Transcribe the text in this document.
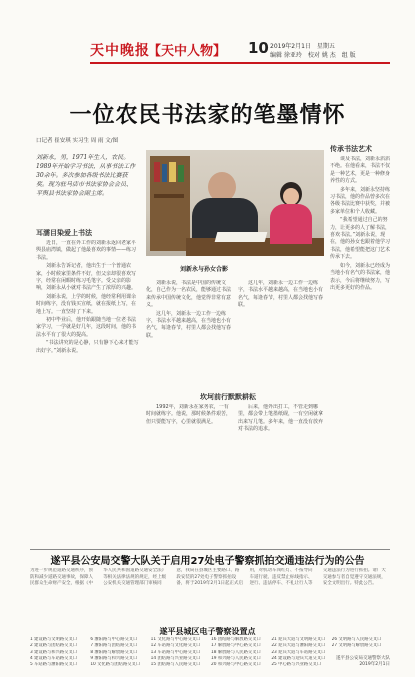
天中晚报
【天中人物】 10 2019年2月1日　星期五
编辑 徐亚玲　校对 姚 杰　组 版
一位农民书法家的笔墨情怀
刘新永，男，1971年生人，农民。1989年开始学习书法，从事书法工作30余年。多次参加各级书法比赛获奖。现为驻马店市书法家协会会员、平舆县书法家协会副主席。
口记者 崔安琪 实习生 周 雨 文/图
刘新永与孙女合影
耳濡目染爱上书法
传承书法艺术
坎坷前行默默耕耘

近日，一直在外工作的刘新永返回老家平舆县庙湾镇，做起了他最喜欢的事情——练习书法。

刘新永告诉记者，他出生于一个普通农家，小时候家里条件不好，但父亲却很喜欢写字，经常在闲暇时练习毛笔字。受父亲的影响，刘新永从小就对书法产生了浓厚的兴趣。

刘新永说，上学的时候，他经常利用课余时间练字，没有钱买宣纸，就在报纸上写，在地上写。一直坚持了下来。

初中毕业后，他开始跟随当地一位老书法家学习，一学就是好几年，这段时间，他的书法水平有了很大的提高。

“书法讲究的是心静，只有静下心来才能写出好字。”刘新永说。

刘新永说，书法是中国的传统文化，自己作为一名农民，能够通过书法来传承中国传统文化，他觉得非常有意义。

这几年，刘新永一边工作一边练字，书法水平越来越高，在当地也小有名气，每逢春节，村里人都会找他写春联。

这几年，刘新永一边工作一边练字，书法水平越来越高，在当地也小有名气，每逢春节，村里人都会找他写春联。

1992年，刘新永在家务农，一有时间就练字。他说，那时候条件艰苦，但只要能写字，心里就很满足。

后来，他外出打工，不管走到哪里，都会带上笔墨纸砚，一有空闲就拿出来写几笔。多年来，他一直没有放弃对书法的追求。

谈及书法，刘新永滔滔不绝。在他看来，书法不仅是一种艺术，更是一种修身养性的方式。

多年来，刘新永坚持练习书法，他的作品曾多次在各级书法比赛中获奖，并被多家单位和个人收藏。

“我希望通过自己的努力，让更多的人了解书法，喜欢书法。”刘新永说，现在，他的孙女也跟着他学习书法，他希望能把这门艺术传承下去。

如今，刘新永已经成为当地小有名气的书法家，他表示，今后将继续努力，写出更多更好的作品。

遂平县公安局交警大队关于启用27处电子警察抓拍交通违法行为的公告
为进一步规范道路交通秩序，预防和减少道路交通事故，保障人民群众生命财产安全，根据《中华人民共和国道路交通安全法》等相关法律法规的规定，经上级公安机关交通管理部门审核同意，我局在县城区主要路口、路段安装的27处电子警察抓拍设备，将于2019年2月1日起正式启用，对机动车闯红灯、不按导向车道行驶、违反禁止标线指示、逆行、违法停车、不礼让行人等交通违法行为进行抓拍。请广大交通参与者自觉遵守交通法规，安全文明出行。特此公告。
遂平县城区电子警察设置点
1 建设路与文明路交叉口
2 建设路与团结路交叉口
3 建设路与和兴路交叉口
4 建设路与车站路交叉口
5 车站路与灈阳路交叉口
6 灈阳路与中心路交叉口
7 灈阳路与团结路交叉口
8 灈阳路与解放路交叉口
9 灈阳路与和兴路交叉口
10 文化路与团结路交叉口
11 文化路与中心路交叉口
12 车站路与文化路交叉口
13 车站路与中心路交叉口
14 团结路与兴业路交叉口
15 团结路与人民路交叉口
16 团结路与解放路交叉口
17 解放路与中心路交叉口
18 解放路与人民路交叉口
19 和兴路与人民路交叉口
20 和兴路与中心路交叉口
21 迎宾大道与文明路交叉口
22 迎宾大道与灈阳路交叉口
23 迎宾大道与车站路交叉口
24 建设路与迎宾大道交叉口
25 中心路与兴业路交叉口
26 文明路与人民路交叉口
27 文明路与解放路交叉口
遂平县公安局交通警察大队
2019年2月1日
